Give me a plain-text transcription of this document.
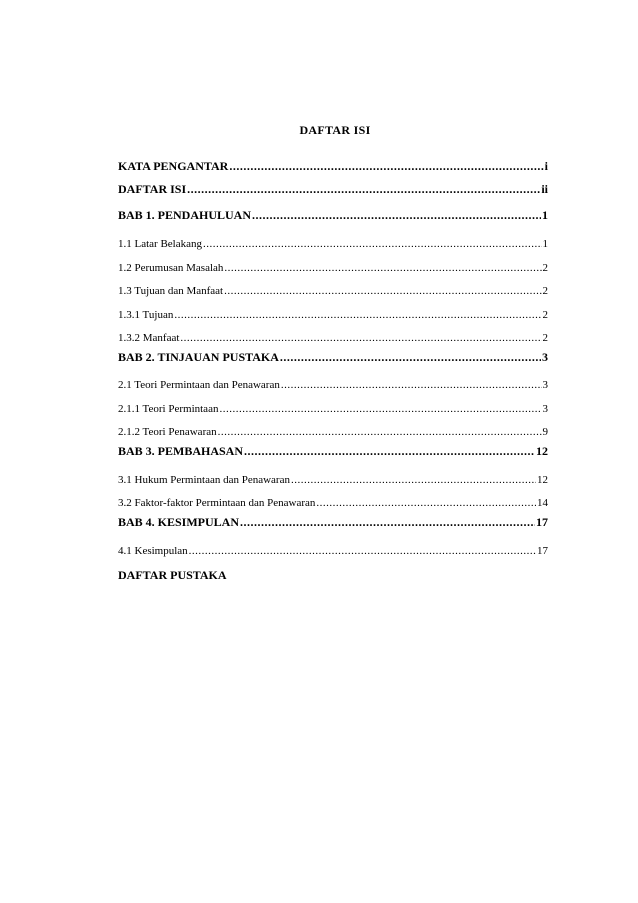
DAFTAR ISI
KATA PENGANTAR .....	i
DAFTAR ISI .....	ii
BAB 1. PENDAHULUAN .....	1
1.1 Latar Belakang .....	1
1.2 Perumusan Masalah .....	2
1.3 Tujuan dan Manfaat .....	2
1.3.1 Tujuan .....	2
1.3.2 Manfaat .....	2
BAB 2. TINJAUAN PUSTAKA .....	3
2.1 Teori Permintaan dan Penawaran .....	3
2.1.1 Teori Permintaan .....	3
2.1.2 Teori Penawaran .....	9
BAB 3. PEMBAHASAN .....	12
3.1 Hukum Permintaan dan Penawaran .....	12
3.2 Faktor-faktor Permintaan dan Penawaran .....	14
BAB 4. KESIMPULAN .....	17
4.1 Kesimpulan .....	17
DAFTAR PUSTAKA
